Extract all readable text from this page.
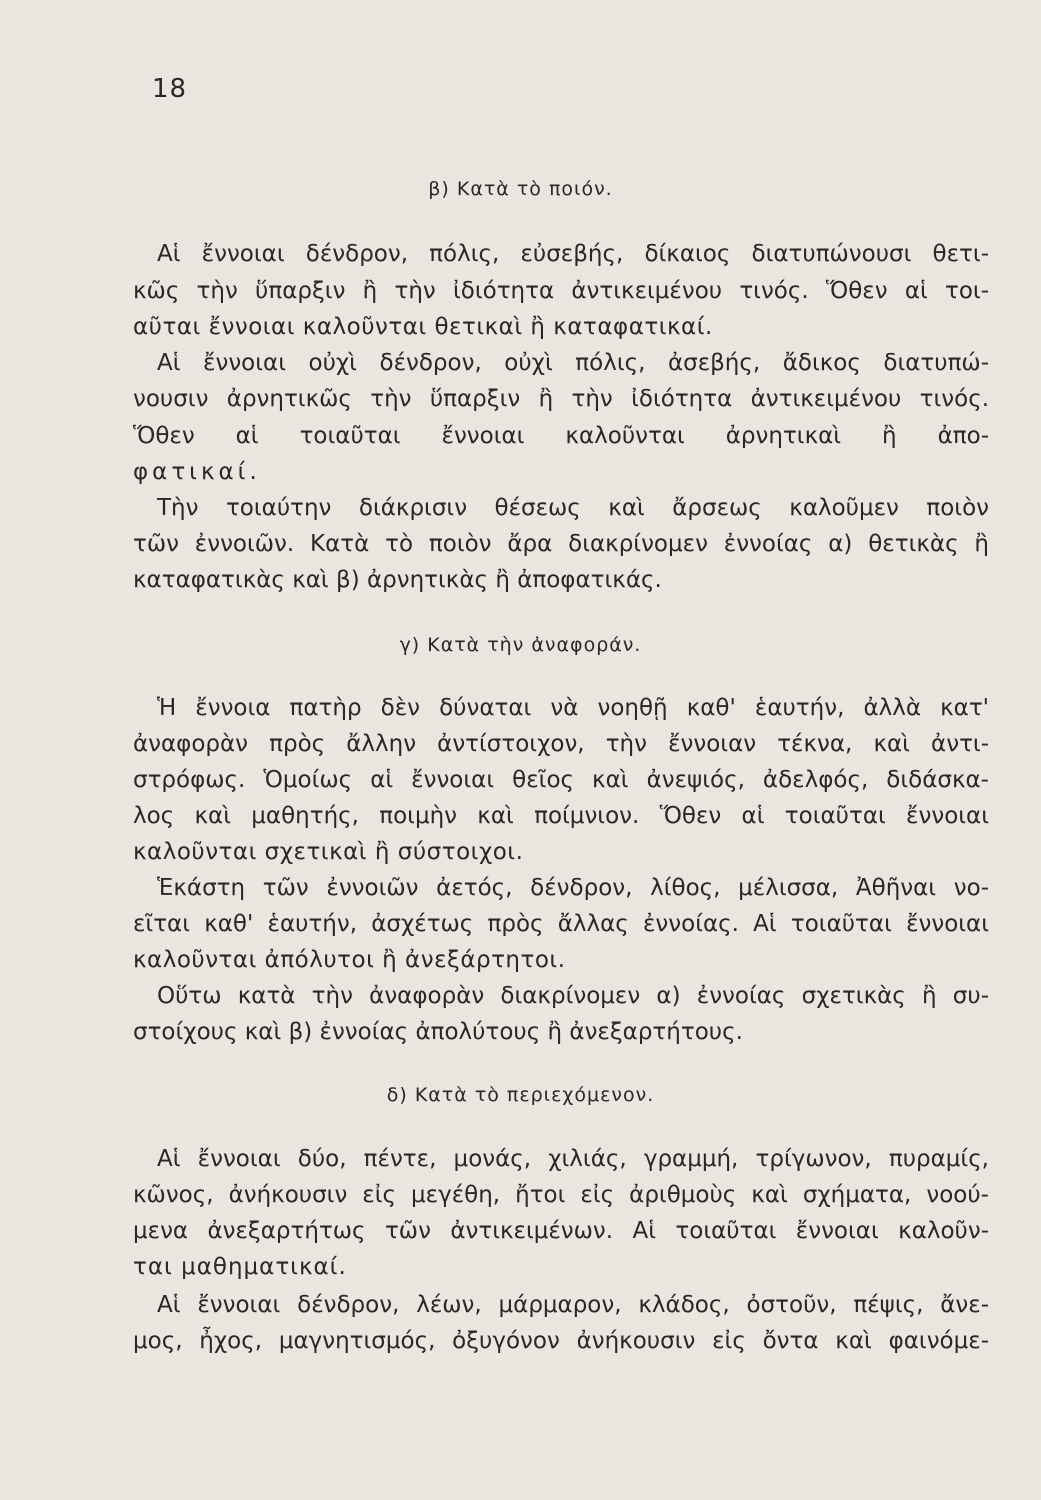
18
β) Κατὰ τὸ ποιόν.
Αἱ ἔννοιαι δένδρον, πόλις, εὐσεβής, δίκαιος διατυπώνουσι θετι-
κῶς τὴν ὕπαρξιν ἢ τὴν ἰδιότητα ἀντικειμένου τινός. Ὅθεν αἱ τοι-
αῦται ἔννοιαι καλοῦνται θετικαὶ ἢ καταφατικαί.
Αἱ ἔννοιαι οὐχὶ δένδρον, οὐχὶ πόλις, ἀσεβής, ἄδικος διατυπώ-
νουσιν ἀρνητικῶς τὴν ὕπαρξιν ἢ τὴν ἰδιότητα ἀντικειμένου τινός.
Ὅθεν αἱ τοιαῦται ἔννοιαι καλοῦνται ἀρνητικαὶ ἢ ἀπο-
φατικαί.
Τὴν τοιαύτην διάκρισιν θέσεως καὶ ἄρσεως καλοῦμεν ποιὸν
τῶν ἐννοιῶν. Κατὰ τὸ ποιὸν ἄρα διακρίνομεν ἐννοίας α) θετικὰς ἢ
καταφατικὰς καὶ β) ἀρνητικὰς ἢ ἀποφατικάς.
γ) Κατὰ τὴν ἀναφοράν.
Ἡ ἔννοια πατὴρ δὲν δύναται νὰ νοηθῇ καθ' ἑαυτήν, ἀλλὰ κατ'
ἀναφορὰν πρὸς ἄλλην ἀντίστοιχον, τὴν ἔννοιαν τέκνα, καὶ ἀντι-
στρόφως. Ὁμοίως αἱ ἔννοιαι θεῖος καὶ ἀνεψιός, ἀδελφός, διδάσκα-
λος καὶ μαθητής, ποιμὴν καὶ ποίμνιον. Ὅθεν αἱ τοιαῦται ἔννοιαι
καλοῦνται σχετικαὶ ἢ σύστοιχοι.
Ἑκάστη τῶν ἐννοιῶν ἀετός, δένδρον, λίθος, μέλισσα, Ἀθῆναι νο-
εῖται καθ' ἑαυτήν, ἀσχέτως πρὸς ἄλλας ἐννοίας. Αἱ τοιαῦται ἔννοιαι
καλοῦνται ἀπόλυτοι ἢ ἀνεξάρτητοι.
Οὕτω κατὰ τὴν ἀναφορὰν διακρίνομεν α) ἐννοίας σχετικὰς ἢ συ-
στοίχους καὶ β) ἐννοίας ἀπολύτους ἢ ἀνεξαρτήτους.
δ) Κατὰ τὸ περιεχόμενον.
Αἱ ἔννοιαι δύο, πέντε, μονάς, χιλιάς, γραμμή, τρίγωνον, πυραμίς,
κῶνος, ἀνήκουσιν εἰς μεγέθη, ἤτοι εἰς ἀριθμοὺς καὶ σχήματα, νοού-
μενα ἀνεξαρτήτως τῶν ἀντικειμένων. Αἱ τοιαῦται ἔννοιαι καλοῦν-
ται μαθηματικαί.
Αἱ ἔννοιαι δένδρον, λέων, μάρμαρον, κλάδος, ὀστοῦν, πέψις, ἄνε-
μος, ἦχος, μαγνητισμός, ὀξυγόνον ἀνήκουσιν εἰς ὄντα καὶ φαινόμε-
